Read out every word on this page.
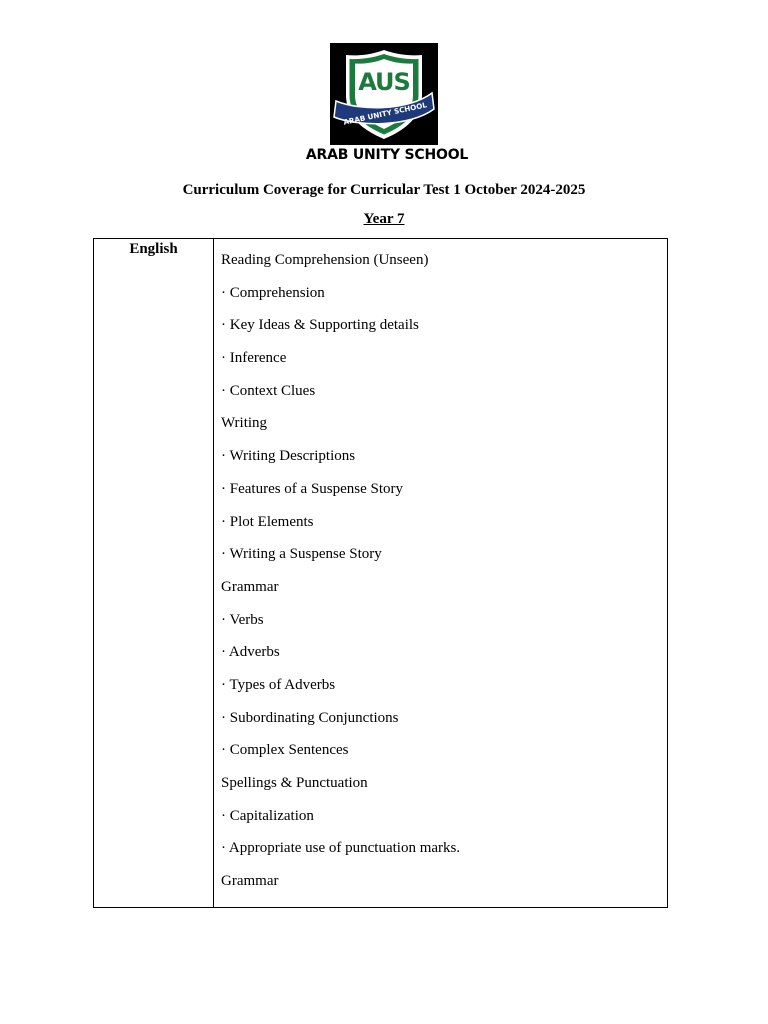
AUS
ARAB UNITY SCHOOL
ARAB UNITY SCHOOL
Curriculum Coverage for Curricular Test 1 October 2024-2025
Year 7
English	
Reading Comprehension (Unseen)
· Comprehension
· Key Ideas & Supporting details
· Inference
· Context Clues
Writing
· Writing Descriptions
· Features of a Suspense Story
· Plot Elements
· Writing a Suspense Story
Grammar
· Verbs
· Adverbs
· Types of Adverbs
· Subordinating Conjunctions
· Complex Sentences
Spellings & Punctuation
· Capitalization
· Appropriate use of punctuation marks.
Grammar
